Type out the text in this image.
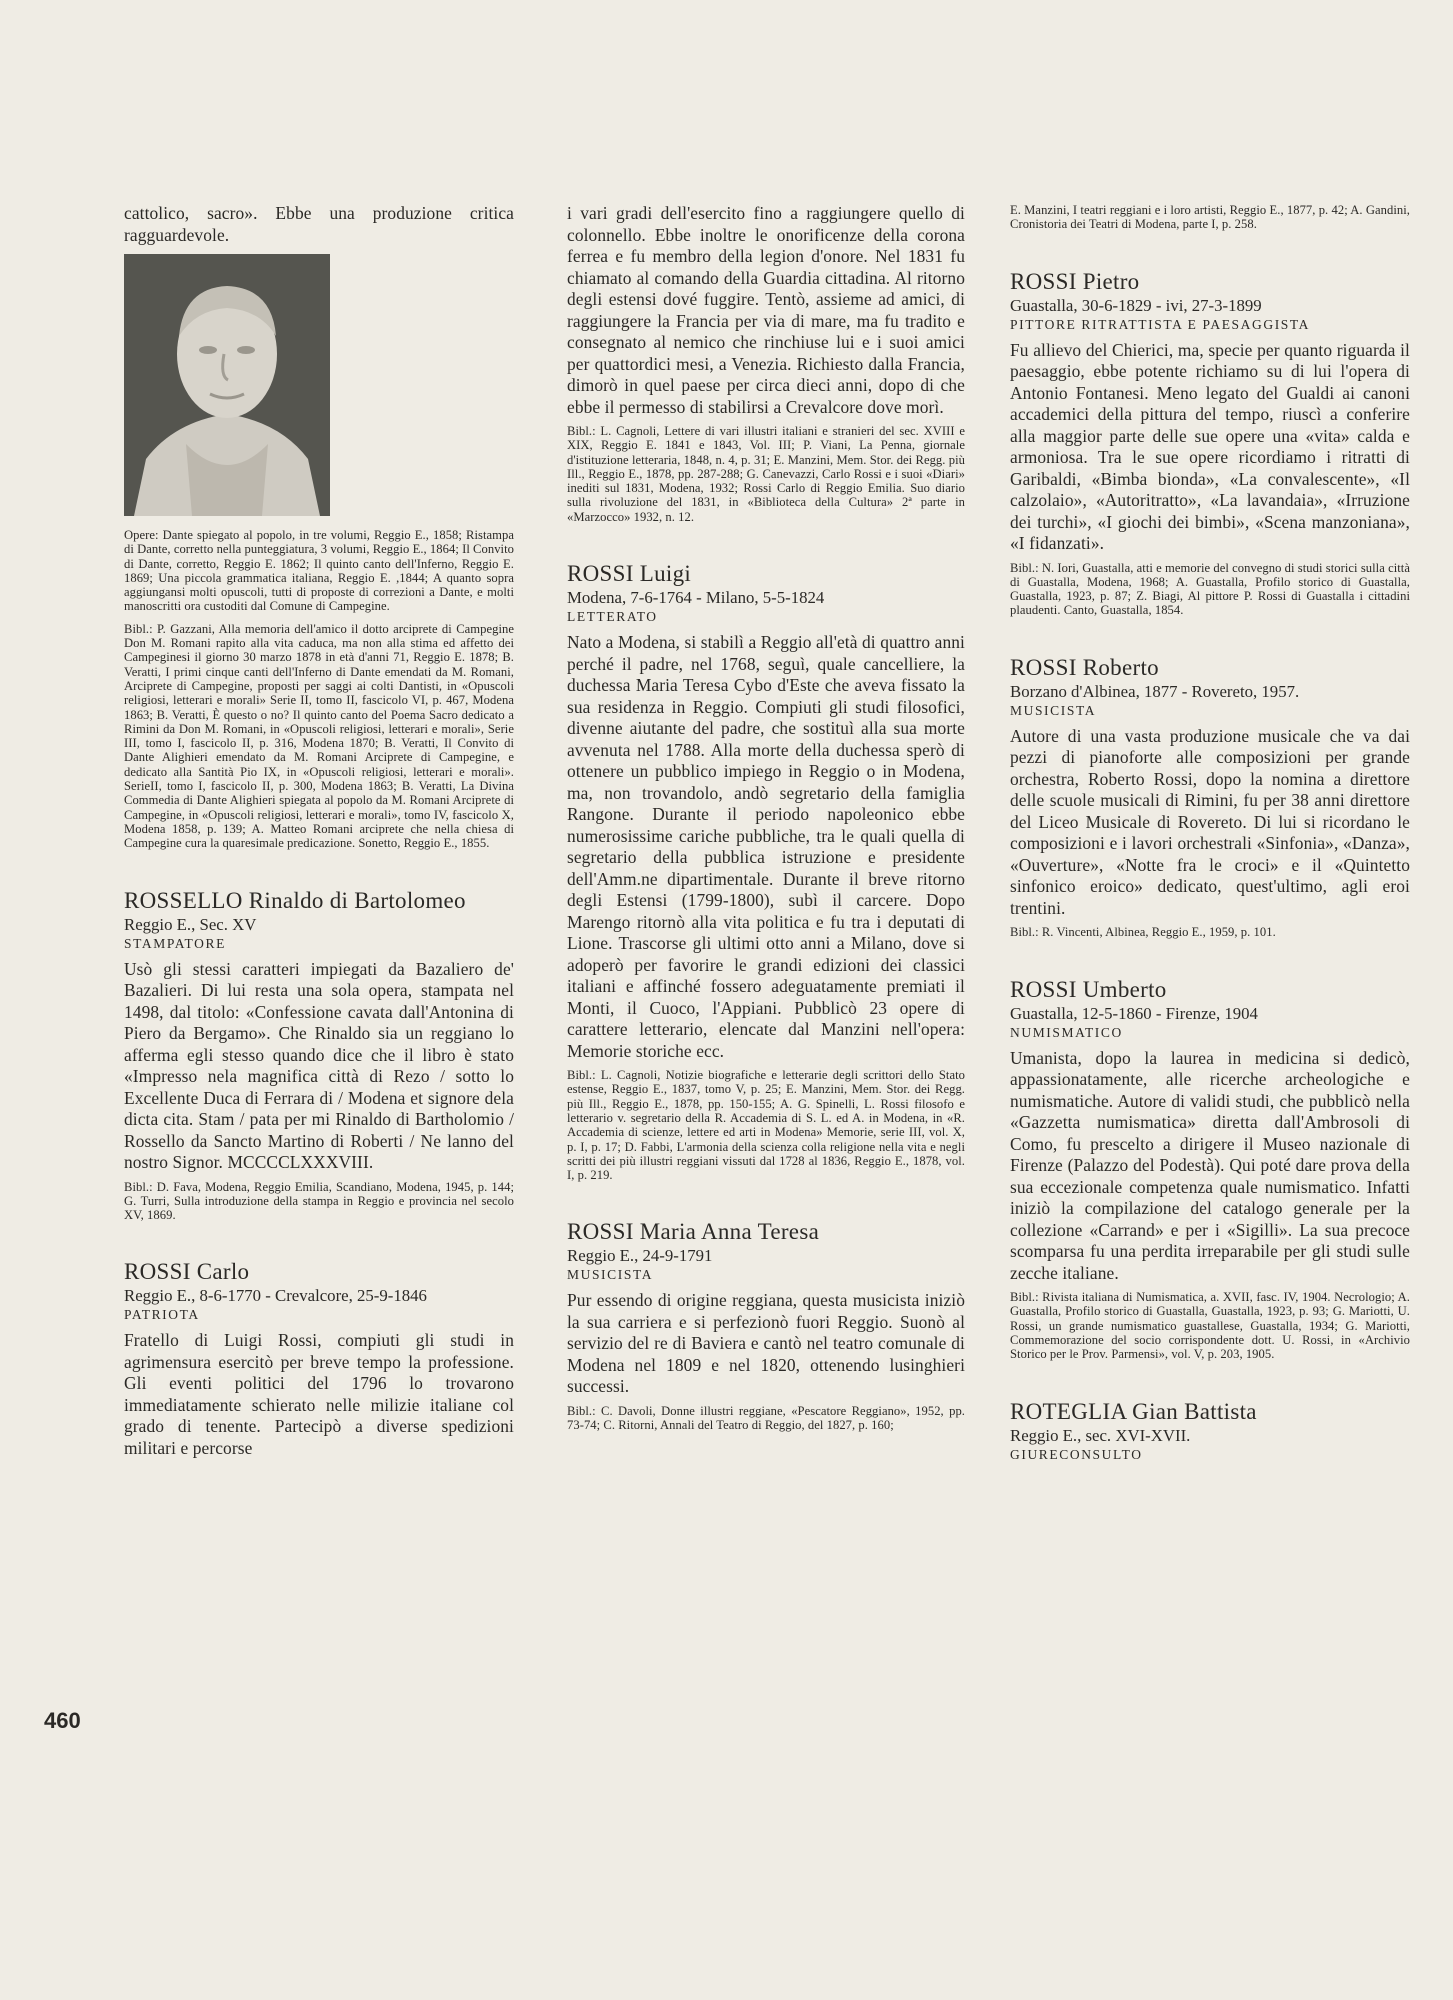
cattolico, sacro». Ebbe una produzione critica ragguardevole.

Opere: Dante spiegato al popolo, in tre volumi, Reggio E., 1858; Ristampa di Dante, corretto nella punteggiatura, 3 volumi, Reggio E., 1864; Il Convito di Dante, corretto, Reggio E. 1862; Il quinto canto dell'Inferno, Reggio E. 1869; Una piccola grammatica italiana, Reggio E. ,1844; A quanto sopra aggiungansi molti opuscoli, tutti di proposte di correzioni a Dante, e molti manoscritti ora custoditi dal Comune di Campegine.

Bibl.: P. Gazzani, Alla memoria dell'amico il dotto arciprete di Campegine Don M. Romani rapito alla vita caduca, ma non alla stima ed affetto dei Campeginesi il giorno 30 marzo 1878 in età d'anni 71, Reggio E. 1878; B. Veratti, I primi cinque canti dell'Inferno di Dante emendati da M. Romani, Arciprete di Campegine, proposti per saggi ai colti Dantisti, in «Opuscoli religiosi, letterari e morali» Serie II, tomo II, fascicolo VI, p. 467, Modena 1863; B. Veratti, È questo o no? Il quinto canto del Poema Sacro dedicato a Rimini da Don M. Romani, in «Opuscoli religiosi, letterari e morali», Serie III, tomo I, fascicolo II, p. 316, Modena 1870; B. Veratti, Il Convito di Dante Alighieri emendato da M. Romani Arciprete di Campegine, e dedicato alla Santità Pio IX, in «Opuscoli religiosi, letterari e morali». SerieII, tomo I, fascicolo II, p. 300, Modena 1863; B. Veratti, La Divina Commedia di Dante Alighieri spiegata al popolo da M. Romani Arciprete di Campegine, in «Opuscoli religiosi, letterari e morali», tomo IV, fascicolo X, Modena 1858, p. 139; A. Matteo Romani arciprete che nella chiesa di Campegine cura la quaresimale predicazione. Sonetto, Reggio E., 1855.

ROSSELLO Rinaldo di Bartolomeo
Reggio E., Sec. XV
STAMPATORE

Usò gli stessi caratteri impiegati da Bazaliero de' Bazalieri. Di lui resta una sola opera, stampata nel 1498, dal titolo: «Confessione cavata dall'Antonina di Piero da Bergamo». Che Rinaldo sia un reggiano lo afferma egli stesso quando dice che il libro è stato «Impresso nela magnifica città di Rezo / sotto lo Excellente Duca di Ferrara di / Modena et signore dela dicta cita. Stam / pata per mi Rinaldo di Bartholomio / Rossello da Sancto Martino di Roberti / Ne lanno del nostro Signor. MCCCCLXXXVIII.

Bibl.: D. Fava, Modena, Reggio Emilia, Scandiano, Modena, 1945, p. 144; G. Turri, Sulla introduzione della stampa in Reggio e provincia nel secolo XV, 1869.

ROSSI Carlo
Reggio E., 8-6-1770 - Crevalcore, 25-9-1846
PATRIOTA

Fratello di Luigi Rossi, compiuti gli studi in agrimensura esercitò per breve tempo la professione. Gli eventi politici del 1796 lo trovarono immediatamente schierato nelle milizie italiane col grado di tenente. Partecipò a diverse spedizioni militari e percorse

i vari gradi dell'esercito fino a raggiungere quello di colonnello. Ebbe inoltre le onorificenze della corona ferrea e fu membro della legion d'onore. Nel 1831 fu chiamato al comando della Guardia cittadina. Al ritorno degli estensi dové fuggire. Tentò, assieme ad amici, di raggiungere la Francia per via di mare, ma fu tradito e consegnato al nemico che rinchiuse lui e i suoi amici per quattordici mesi, a Venezia. Richiesto dalla Francia, dimorò in quel paese per circa dieci anni, dopo di che ebbe il permesso di stabilirsi a Crevalcore dove morì.

Bibl.: L. Cagnoli, Lettere di vari illustri italiani e stranieri del sec. XVIII e XIX, Reggio E. 1841 e 1843, Vol. III; P. Viani, La Penna, giornale d'istituzione letteraria, 1848, n. 4, p. 31; E. Manzini, Mem. Stor. dei Regg. più Ill., Reggio E., 1878, pp. 287-288; G. Canevazzi, Carlo Rossi e i suoi «Diari» inediti sul 1831, Modena, 1932; Rossi Carlo di Reggio Emilia. Suo diario sulla rivoluzione del 1831, in «Biblioteca della Cultura» 2ª parte in «Marzocco» 1932, n. 12.

ROSSI Luigi
Modena, 7-6-1764 - Milano, 5-5-1824
LETTERATO

Nato a Modena, si stabilì a Reggio all'età di quattro anni perché il padre, nel 1768, seguì, quale cancelliere, la duchessa Maria Teresa Cybo d'Este che aveva fissato la sua residenza in Reggio. Compiuti gli studi filosofici, divenne aiutante del padre, che sostituì alla sua morte avvenuta nel 1788. Alla morte della duchessa sperò di ottenere un pubblico impiego in Reggio o in Modena, ma, non trovandolo, andò segretario della famiglia Rangone. Durante il periodo napoleonico ebbe numerosissime cariche pubbliche, tra le quali quella di segretario della pubblica istruzione e presidente dell'Amm.ne dipartimentale. Durante il breve ritorno degli Estensi (1799-1800), subì il carcere. Dopo Marengo ritornò alla vita politica e fu tra i deputati di Lione. Trascorse gli ultimi otto anni a Milano, dove si adoperò per favorire le grandi edizioni dei classici italiani e affinché fossero adeguatamente premiati il Monti, il Cuoco, l'Appiani. Pubblicò 23 opere di carattere letterario, elencate dal Manzini nell'opera: Memorie storiche ecc.

Bibl.: L. Cagnoli, Notizie biografiche e letterarie degli scrittori dello Stato estense, Reggio E., 1837, tomo V, p. 25; E. Manzini, Mem. Stor. dei Regg. più Ill., Reggio E., 1878, pp. 150-155; A. G. Spinelli, L. Rossi filosofo e letterario v. segretario della R. Accademia di S. L. ed A. in Modena, in «R. Accademia di scienze, lettere ed arti in Modena» Memorie, serie III, vol. X, p. I, p. 17; D. Fabbi, L'armonia della scienza colla religione nella vita e negli scritti dei più illustri reggiani vissuti dal 1728 al 1836, Reggio E., 1878, vol. I, p. 219.

ROSSI Maria Anna Teresa
Reggio E., 24-9-1791
MUSICISTA

Pur essendo di origine reggiana, questa musicista iniziò la sua carriera e si perfezionò fuori Reggio. Suonò al servizio del re di Baviera e cantò nel teatro comunale di Modena nel 1809 e nel 1820, ottenendo lusinghieri successi.

Bibl.: C. Davoli, Donne illustri reggiane, «Pescatore Reggiano», 1952, pp. 73-74; C. Ritorni, Annali del Teatro di Reggio, del 1827, p. 160;

E. Manzini, I teatri reggiani e i loro artisti, Reggio E., 1877, p. 42; A. Gandini, Cronistoria dei Teatri di Modena, parte I, p. 258.

ROSSI Pietro
Guastalla, 30-6-1829 - ivi, 27-3-1899
PITTORE RITRATTISTA E PAESAGGISTA

Fu allievo del Chierici, ma, specie per quanto riguarda il paesaggio, ebbe potente richiamo su di lui l'opera di Antonio Fontanesi. Meno legato del Gualdi ai canoni accademici della pittura del tempo, riuscì a conferire alla maggior parte delle sue opere una «vita» calda e armoniosa. Tra le sue opere ricordiamo i ritratti di Garibaldi, «Bimba bionda», «La convalescente», «Il calzolaio», «Autoritratto», «La lavandaia», «Irruzione dei turchi», «I giochi dei bimbi», «Scena manzoniana», «I fidanzati».

Bibl.: N. Iori, Guastalla, atti e memorie del convegno di studi storici sulla città di Guastalla, Modena, 1968; A. Guastalla, Profilo storico di Guastalla, Guastalla, 1923, p. 87; Z. Biagi, Al pittore P. Rossi di Guastalla i cittadini plaudenti. Canto, Guastalla, 1854.

ROSSI Roberto
Borzano d'Albinea, 1877 - Rovereto, 1957.
MUSICISTA

Autore di una vasta produzione musicale che va dai pezzi di pianoforte alle composizioni per grande orchestra, Roberto Rossi, dopo la nomina a direttore delle scuole musicali di Rimini, fu per 38 anni direttore del Liceo Musicale di Rovereto. Di lui si ricordano le composizioni e i lavori orchestrali «Sinfonia», «Danza», «Ouverture», «Notte fra le croci» e il «Quintetto sinfonico eroico» dedicato, quest'ultimo, agli eroi trentini.

Bibl.: R. Vincenti, Albinea, Reggio E., 1959, p. 101.

ROSSI Umberto
Guastalla, 12-5-1860 - Firenze, 1904
NUMISMATICO

Umanista, dopo la laurea in medicina si dedicò, appassionatamente, alle ricerche archeologiche e numismatiche. Autore di validi studi, che pubblicò nella «Gazzetta numismatica» diretta dall'Ambrosoli di Como, fu prescelto a dirigere il Museo nazionale di Firenze (Palazzo del Podestà). Qui poté dare prova della sua eccezionale competenza quale numismatico. Infatti iniziò la compilazione del catalogo generale per la collezione «Carrand» e per i «Sigilli». La sua precoce scomparsa fu una perdita irreparabile per gli studi sulle zecche italiane.

Bibl.: Rivista italiana di Numismatica, a. XVII, fasc. IV, 1904. Necrologio; A. Guastalla, Profilo storico di Guastalla, Guastalla, 1923, p. 93; G. Mariotti, U. Rossi, un grande numismatico guastallese, Guastalla, 1934; G. Mariotti, Commemorazione del socio corrispondente dott. U. Rossi, in «Archivio Storico per le Prov. Parmensi», vol. V, p. 203, 1905.

ROTEGLIA Gian Battista
Reggio E., sec. XVI-XVII.
GIURECONSULTO
460
